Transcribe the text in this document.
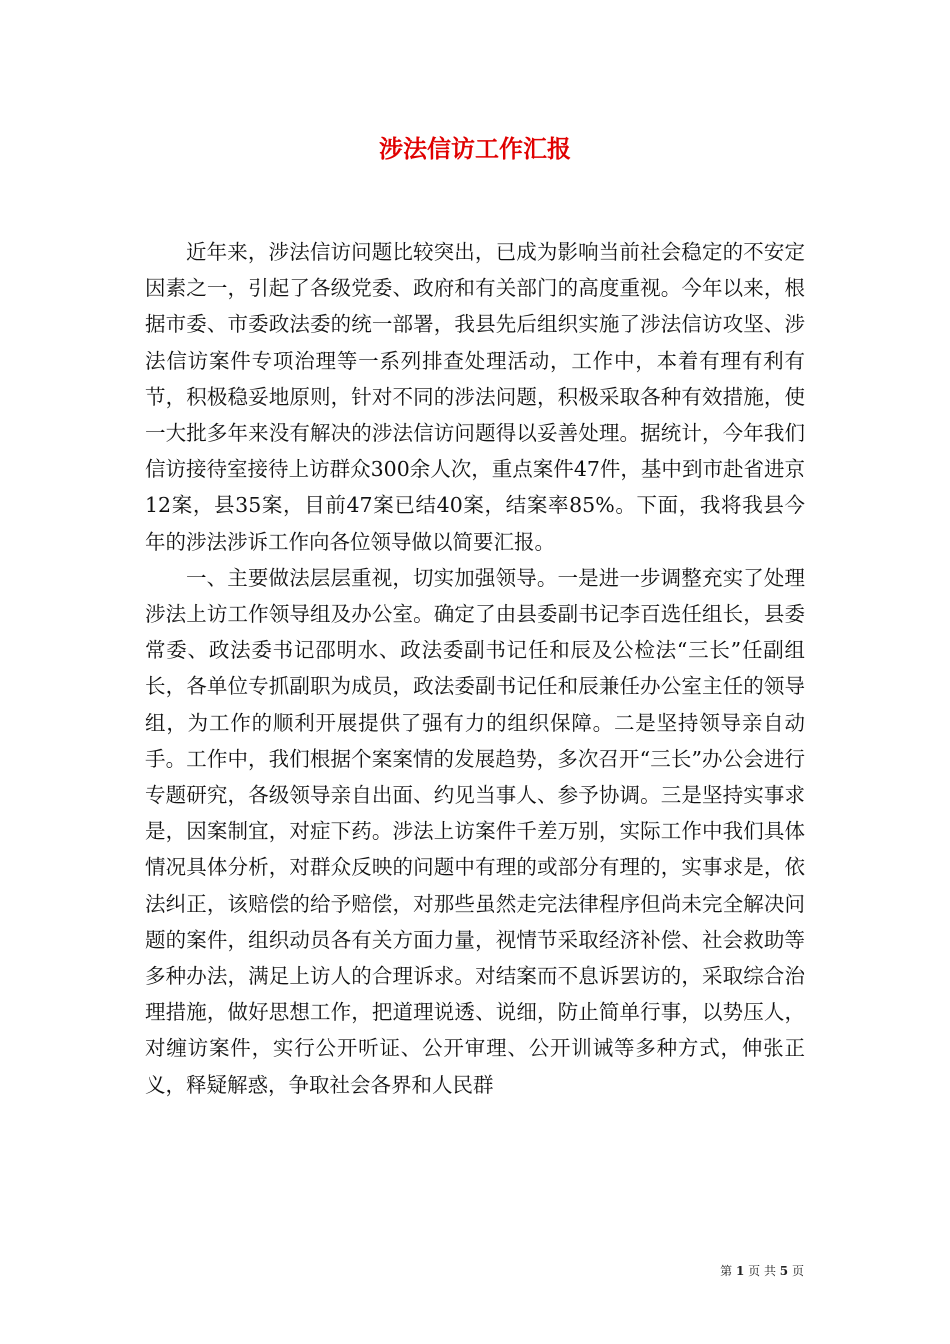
涉法信访工作汇报

近年来，涉法信访问题比较突出，已成为影响当前社会稳定的不安定因素之一，引起了各级党委、政府和有关部门的高度重视。今年以来，根据市委、市委政法委的统一部署，我县先后组织实施了涉法信访攻坚、涉法信访案件专项治理等一系列排查处理活动，工作中，本着有理有利有节，积极稳妥地原则，针对不同的涉法问题，积极采取各种有效措施，使一大批多年来没有解决的涉法信访问题得以妥善处理。据统计，今年我们信访接待室接待上访群众300余人次，重点案件47件，基中到市赴省进京12案，县35案，目前47案已结40案，结案率85%。下面，我将我县今年的涉法涉诉工作向各位领导做以简要汇报。

一、主要做法层层重视，切实加强领导。一是进一步调整充实了处理涉法上访工作领导组及办公室。确定了由县委副书记李百选任组长，县委常委、政法委书记邵明水、政法委副书记任和辰及公检法“三长”任副组长，各单位专抓副职为成员，政法委副书记任和辰兼任办公室主任的领导组，为工作的顺利开展提供了强有力的组织保障。二是坚持领导亲自动手。工作中，我们根据个案案情的发展趋势，多次召开“三长”办公会进行专题研究，各级领导亲自出面、约见当事人、参予协调。三是坚持实事求是，因案制宜，对症下药。涉法上访案件千差万别，实际工作中我们具体情况具体分析，对群众反映的问题中有理的或部分有理的，实事求是，依法纠正，该赔偿的给予赔偿，对那些虽然走完法律程序但尚未完全解决问题的案件，组织动员各有关方面力量，视情节采取经济补偿、社会救助等多种办法，满足上访人的合理诉求。对结案而不息诉罢访的，采取综合治理措施，做好思想工作，把道理说透、说细，防止简单行事，以势压人，对缠访案件，实行公开听证、公开审理、公开训诫等多种方式，伸张正义，释疑解惑，争取社会各界和人民群

第 1 页 共 5 页
